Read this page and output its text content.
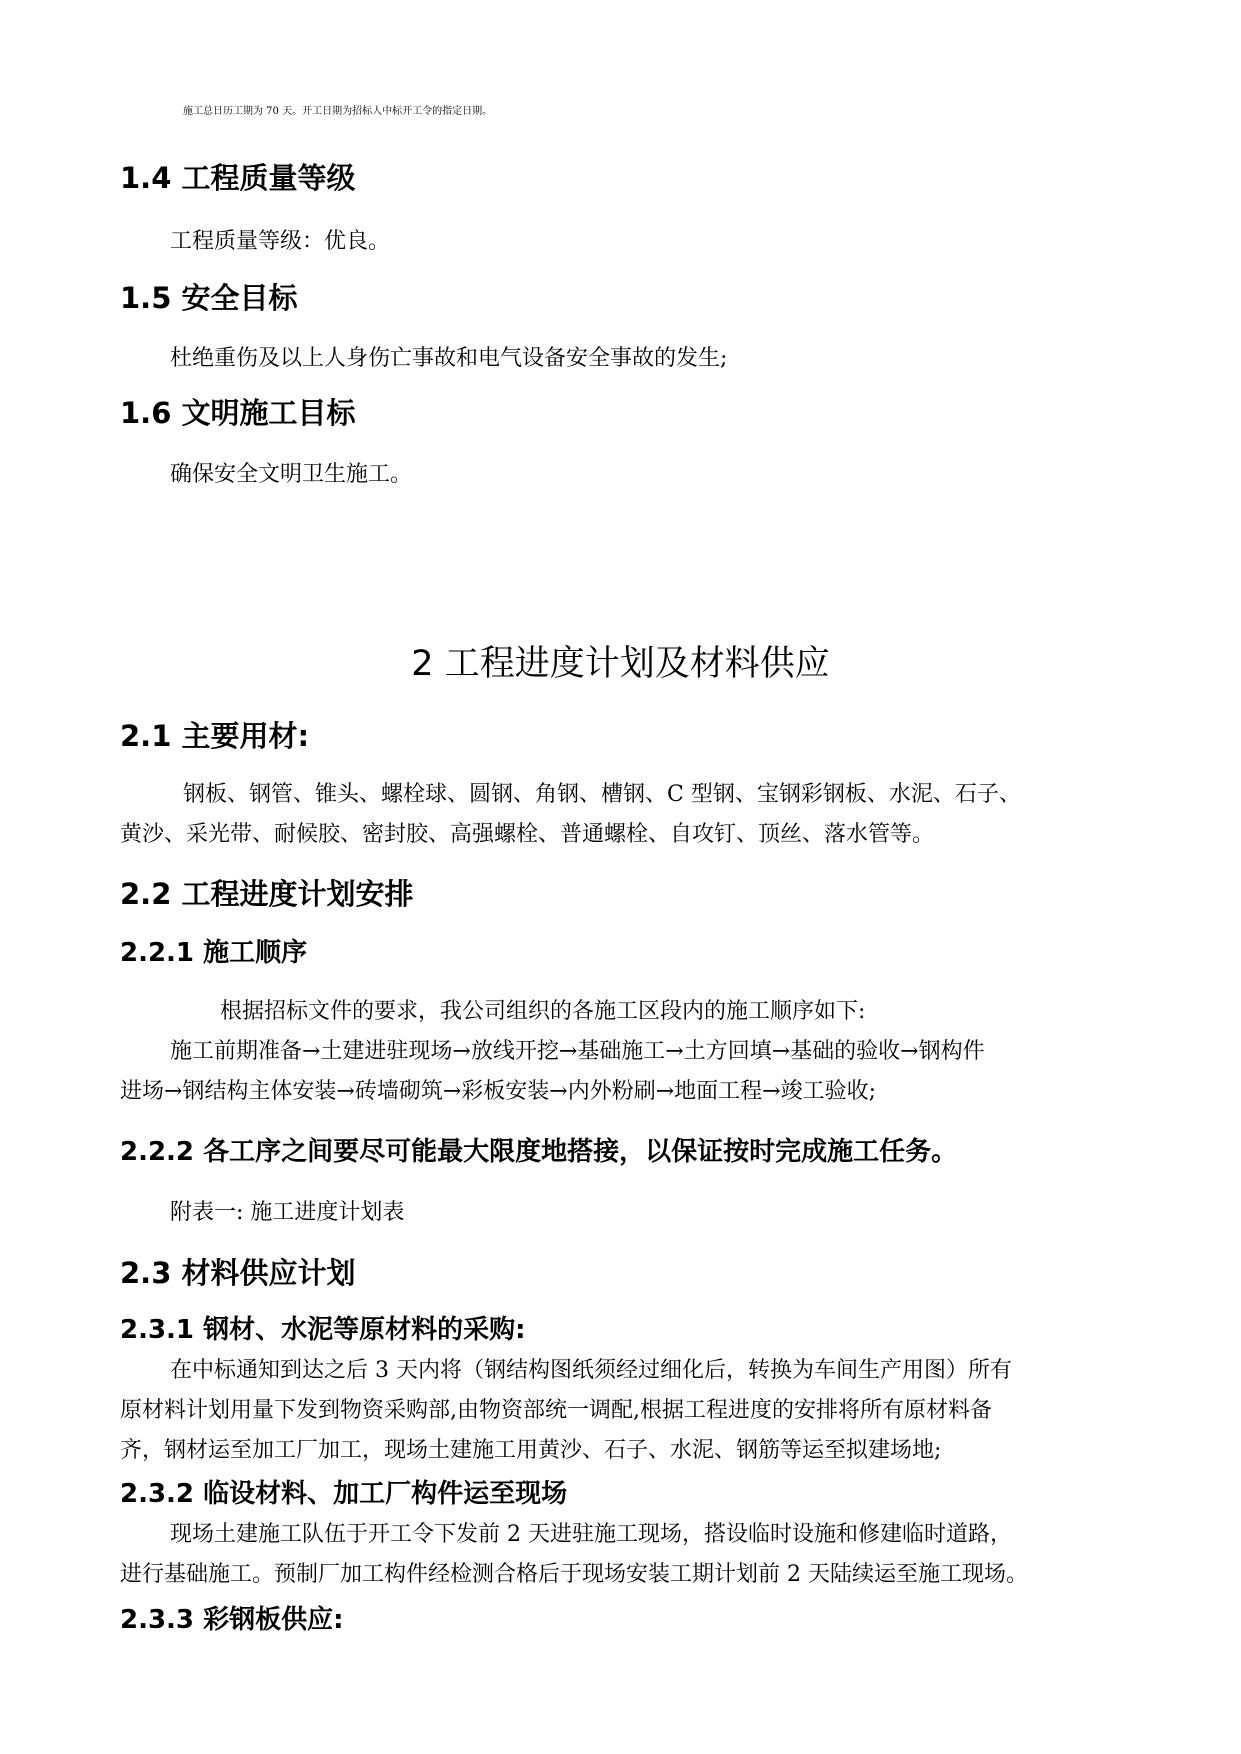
施工总日历工期为 70 天。开工日期为招标人中标开工令的指定日期。
1.4 工程质量等级
工程质量等级：优良。
1.5 安全目标
杜绝重伤及以上人身伤亡事故和电气设备安全事故的发生;
1.6 文明施工目标
确保安全文明卫生施工。
2 工程进度计划及材料供应
2.1 主要用材:
钢板、钢管、锥头、螺栓球、圆钢、角钢、槽钢、C 型钢、宝钢彩钢板、水泥、石子、
黄沙、采光带、耐候胶、密封胶、高强螺栓、普通螺栓、自攻钉、顶丝、落水管等。
2.2 工程进度计划安排
2.2.1 施工顺序
根据招标文件的要求，我公司组织的各施工区段内的施工顺序如下:
施工前期准备→土建进驻现场→放线开挖→基础施工→土方回填→基础的验收→钢构件
进场→钢结构主体安装→砖墙砌筑→彩板安装→内外粉刷→地面工程→竣工验收;
2.2.2 各工序之间要尽可能最大限度地搭接，以保证按时完成施工任务。
附表一: 施工进度计划表
2.3 材料供应计划
2.3.1 钢材、水泥等原材料的采购:
在中标通知到达之后 3 天内将（钢结构图纸须经过细化后，转换为车间生产用图）所有
原材料计划用量下发到物资采购部,由物资部统一调配,根据工程进度的安排将所有原材料备
齐，钢材运至加工厂加工，现场土建施工用黄沙、石子、水泥、钢筋等运至拟建场地;
2.3.2 临设材料、加工厂构件运至现场
现场土建施工队伍于开工令下发前 2 天进驻施工现场，搭设临时设施和修建临时道路，
进行基础施工。预制厂加工构件经检测合格后于现场安装工期计划前 2 天陆续运至施工现场。
2.3.3 彩钢板供应:
